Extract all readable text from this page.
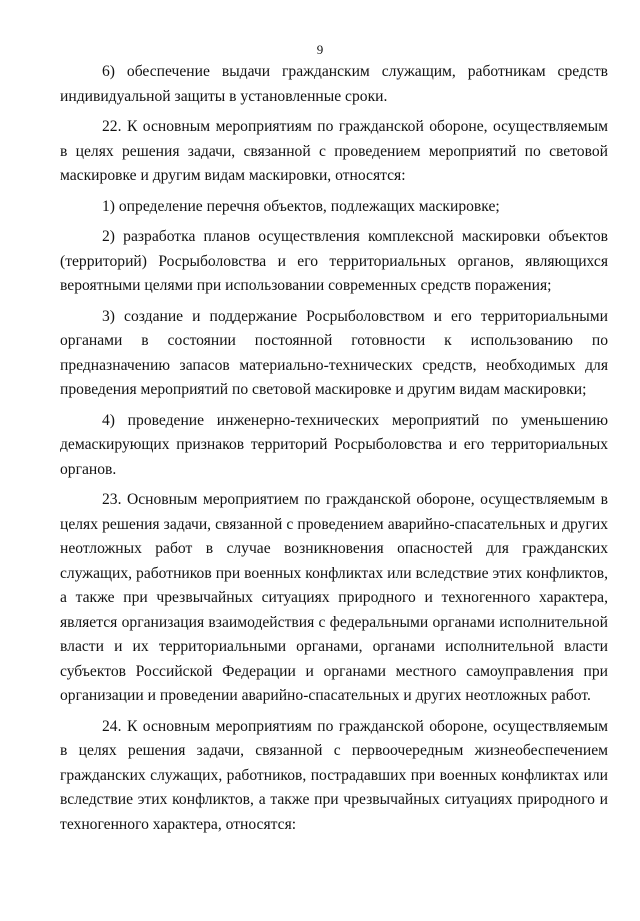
9

6) обеспечение выдачи гражданским служащим, работникам средств индивидуальной защиты в установленные сроки.

22. К основным мероприятиям по гражданской обороне, осуществляемым в целях решения задачи, связанной с проведением мероприятий по световой маскировке и другим видам маскировки, относятся:

1) определение перечня объектов, подлежащих маскировке;

2) разработка планов осуществления комплексной маскировки объектов (территорий) Росрыболовства и его территориальных органов, являющихся вероятными целями при использовании современных средств поражения;

3) создание и поддержание Росрыболовством и его территориальными органами в состоянии постоянной готовности к использованию по предназначению запасов материально-технических средств, необходимых для проведения мероприятий по световой маскировке и другим видам маскировки;

4) проведение инженерно-технических мероприятий по уменьшению демаскирующих признаков территорий Росрыболовства и его территориальных органов.

23. Основным мероприятием по гражданской обороне, осуществляемым в целях решения задачи, связанной с проведением аварийно-спасательных и других неотложных работ в случае возникновения опасностей для гражданских служащих, работников при военных конфликтах или вследствие этих конфликтов, а также при чрезвычайных ситуациях природного и техногенного характера, является организация взаимодействия с федеральными органами исполнительной власти и их территориальными органами, органами исполнительной власти субъектов Российской Федерации и органами местного самоуправления при организации и проведении аварийно-спасательных и других неотложных работ.

24. К основным мероприятиям по гражданской обороне, осуществляемым в целях решения задачи, связанной с первоочередным жизнеобеспечением гражданских служащих, работников, пострадавших при военных конфликтах или вследствие этих конфликтов, а также при чрезвычайных ситуациях природного и техногенного характера, относятся:
